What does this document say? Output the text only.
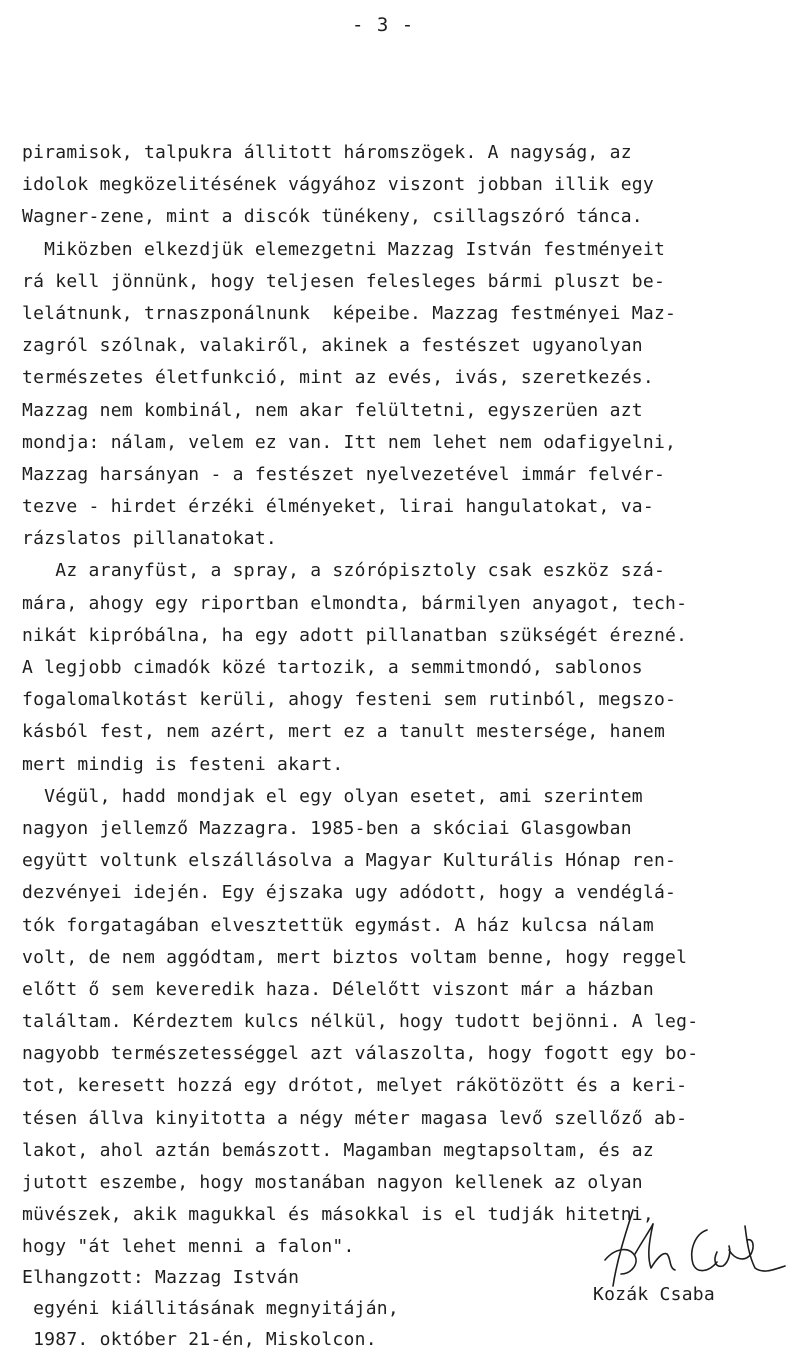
- 3 -
piramisok, talpukra állitott háromszögek. A nagyság, az
idolok megközelitésének vágyához viszont jobban illik egy
Wagner-zene, mint a discók tünékeny, csillagszóró tánca.
Miközben elkezdjük elemezgetni Mazzag István festményeit
rá kell jönnünk, hogy teljesen felesleges bármi pluszt be-
lelátnunk, trnaszponálnunk  képeibe. Mazzag festményei Maz-
zagról szólnak, valakiről, akinek a festészet ugyanolyan
természetes életfunkció, mint az evés, ivás, szeretkezés.
Mazzag nem kombinál, nem akar felültetni, egyszerüen azt
mondja: nálam, velem ez van. Itt nem lehet nem odafigyelni,
Mazzag harsányan - a festészet nyelvezetével immár felvér-
tezve - hirdet érzéki élményeket, lirai hangulatokat, va-
rázslatos pillanatokat.
Az aranyfüst, a spray, a szórópisztoly csak eszköz szá-
mára, ahogy egy riportban elmondta, bármilyen anyagot, tech-
nikát kipróbálna, ha egy adott pillanatban szükségét érezné.
A legjobb cimadók közé tartozik, a semmitmondó, sablonos
fogalomalkotást kerüli, ahogy festeni sem rutinból, megszo-
kásból fest, nem azért, mert ez a tanult mestersége, hanem
mert mindig is festeni akart.
Végül, hadd mondjak el egy olyan esetet, ami szerintem
nagyon jellemző Mazzagra. 1985-ben a skóciai Glasgowban
együtt voltunk elszállásolva a Magyar Kulturális Hónap ren-
dezvényei idején. Egy éjszaka ugy adódott, hogy a vendéglá-
tók forgatagában elvesztettük egymást. A ház kulcsa nálam
volt, de nem aggódtam, mert biztos voltam benne, hogy reggel
előtt ő sem keveredik haza. Délelőtt viszont már a házban
találtam. Kérdeztem kulcs nélkül, hogy tudott bejönni. A leg-
nagyobb természetességgel azt válaszolta, hogy fogott egy bo-
tot, keresett hozzá egy drótot, melyet rákötözött és a keri-
tésen állva kinyitotta a négy méter magasa levő szellőző ab-
lakot, ahol aztán bemászott. Magamban megtapsoltam, és az
jutott eszembe, hogy mostanában nagyon kellenek az olyan
müvészek, akik magukkal és másokkal is el tudják hitetni,
hogy "át lehet menni a falon".
Elhangzott: Mazzag István
egyéni kiállitásának megnyitáján,
1987. október 21-én, Miskolcon.
Kozák Csaba
